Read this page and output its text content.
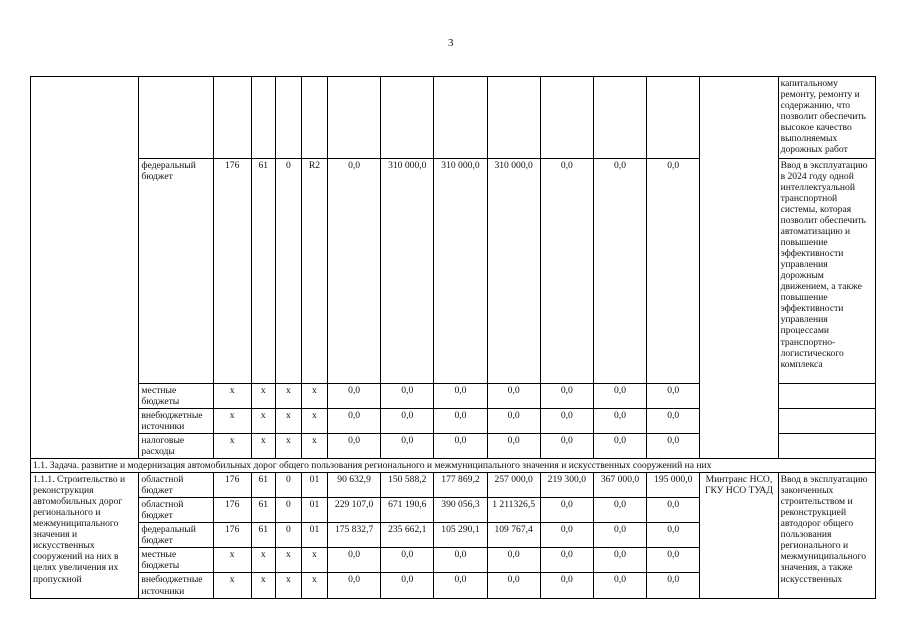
3
														капитальному ремонту, ремонту и содержанию, что позволит обеспечить высокое качество выполняемых дорожных работ
	федеральный бюджет	176	61	0	R2	0,0	310 000,0	310 000,0	310 000,0	0,0	0,0	0,0		Ввод в эксплуатацию в 2024 году одной интеллектуальной транспортной системы, которая позволит обеспечить автоматизацию и повышение эффективности управления дорожным движением, а также повышение эффективности управления процессами транспортно-логистического комплекса
	местные бюджеты	x	x	x	x	0,0	0,0	0,0	0,0	0,0	0,0	0,0		
	внебюджетные источники	x	x	x	x	0,0	0,0	0,0	0,0	0,0	0,0	0,0		
	налоговые расходы	x	x	x	x	0,0	0,0	0,0	0,0	0,0	0,0	0,0		
1.1. Задача. развитие и модернизация автомобильных дорог общего пользования регионального и межмуниципального значения и искусственных сооружений на них														
1.1.1. Строительство и реконструкция автомобильных дорог регионального и межмуниципального значения и искусственных сооружений на них в целях увеличения их пропускной	областной бюджет	176	61	0	01	90 632,9	150 588,2	177 869,2	257 000,0	219 300,0	367 000,0	195 000,0	Минтранс НСО, ГКУ НСО ТУАД	Ввод в эксплуатацию законченных строительством и реконструкцией автодорог общего пользования регионального и межмуниципального значения, а также искусственных
	областной бюджет	176	61	0	01	229 107,0	671 190,6	390 056,3	1 211326,5	0,0	0,0	0,0		
	федеральный бюджет	176	61	0	01	175 832,7	235 662,1	105 290,1	109 767,4	0,0	0,0	0,0		
	местные бюджеты	x	x	x	x	0,0	0,0	0,0	0,0	0,0	0,0	0,0		
	внебюджетные источники	x	x	x	x	0,0	0,0	0,0	0,0	0,0	0,0	0,0		
